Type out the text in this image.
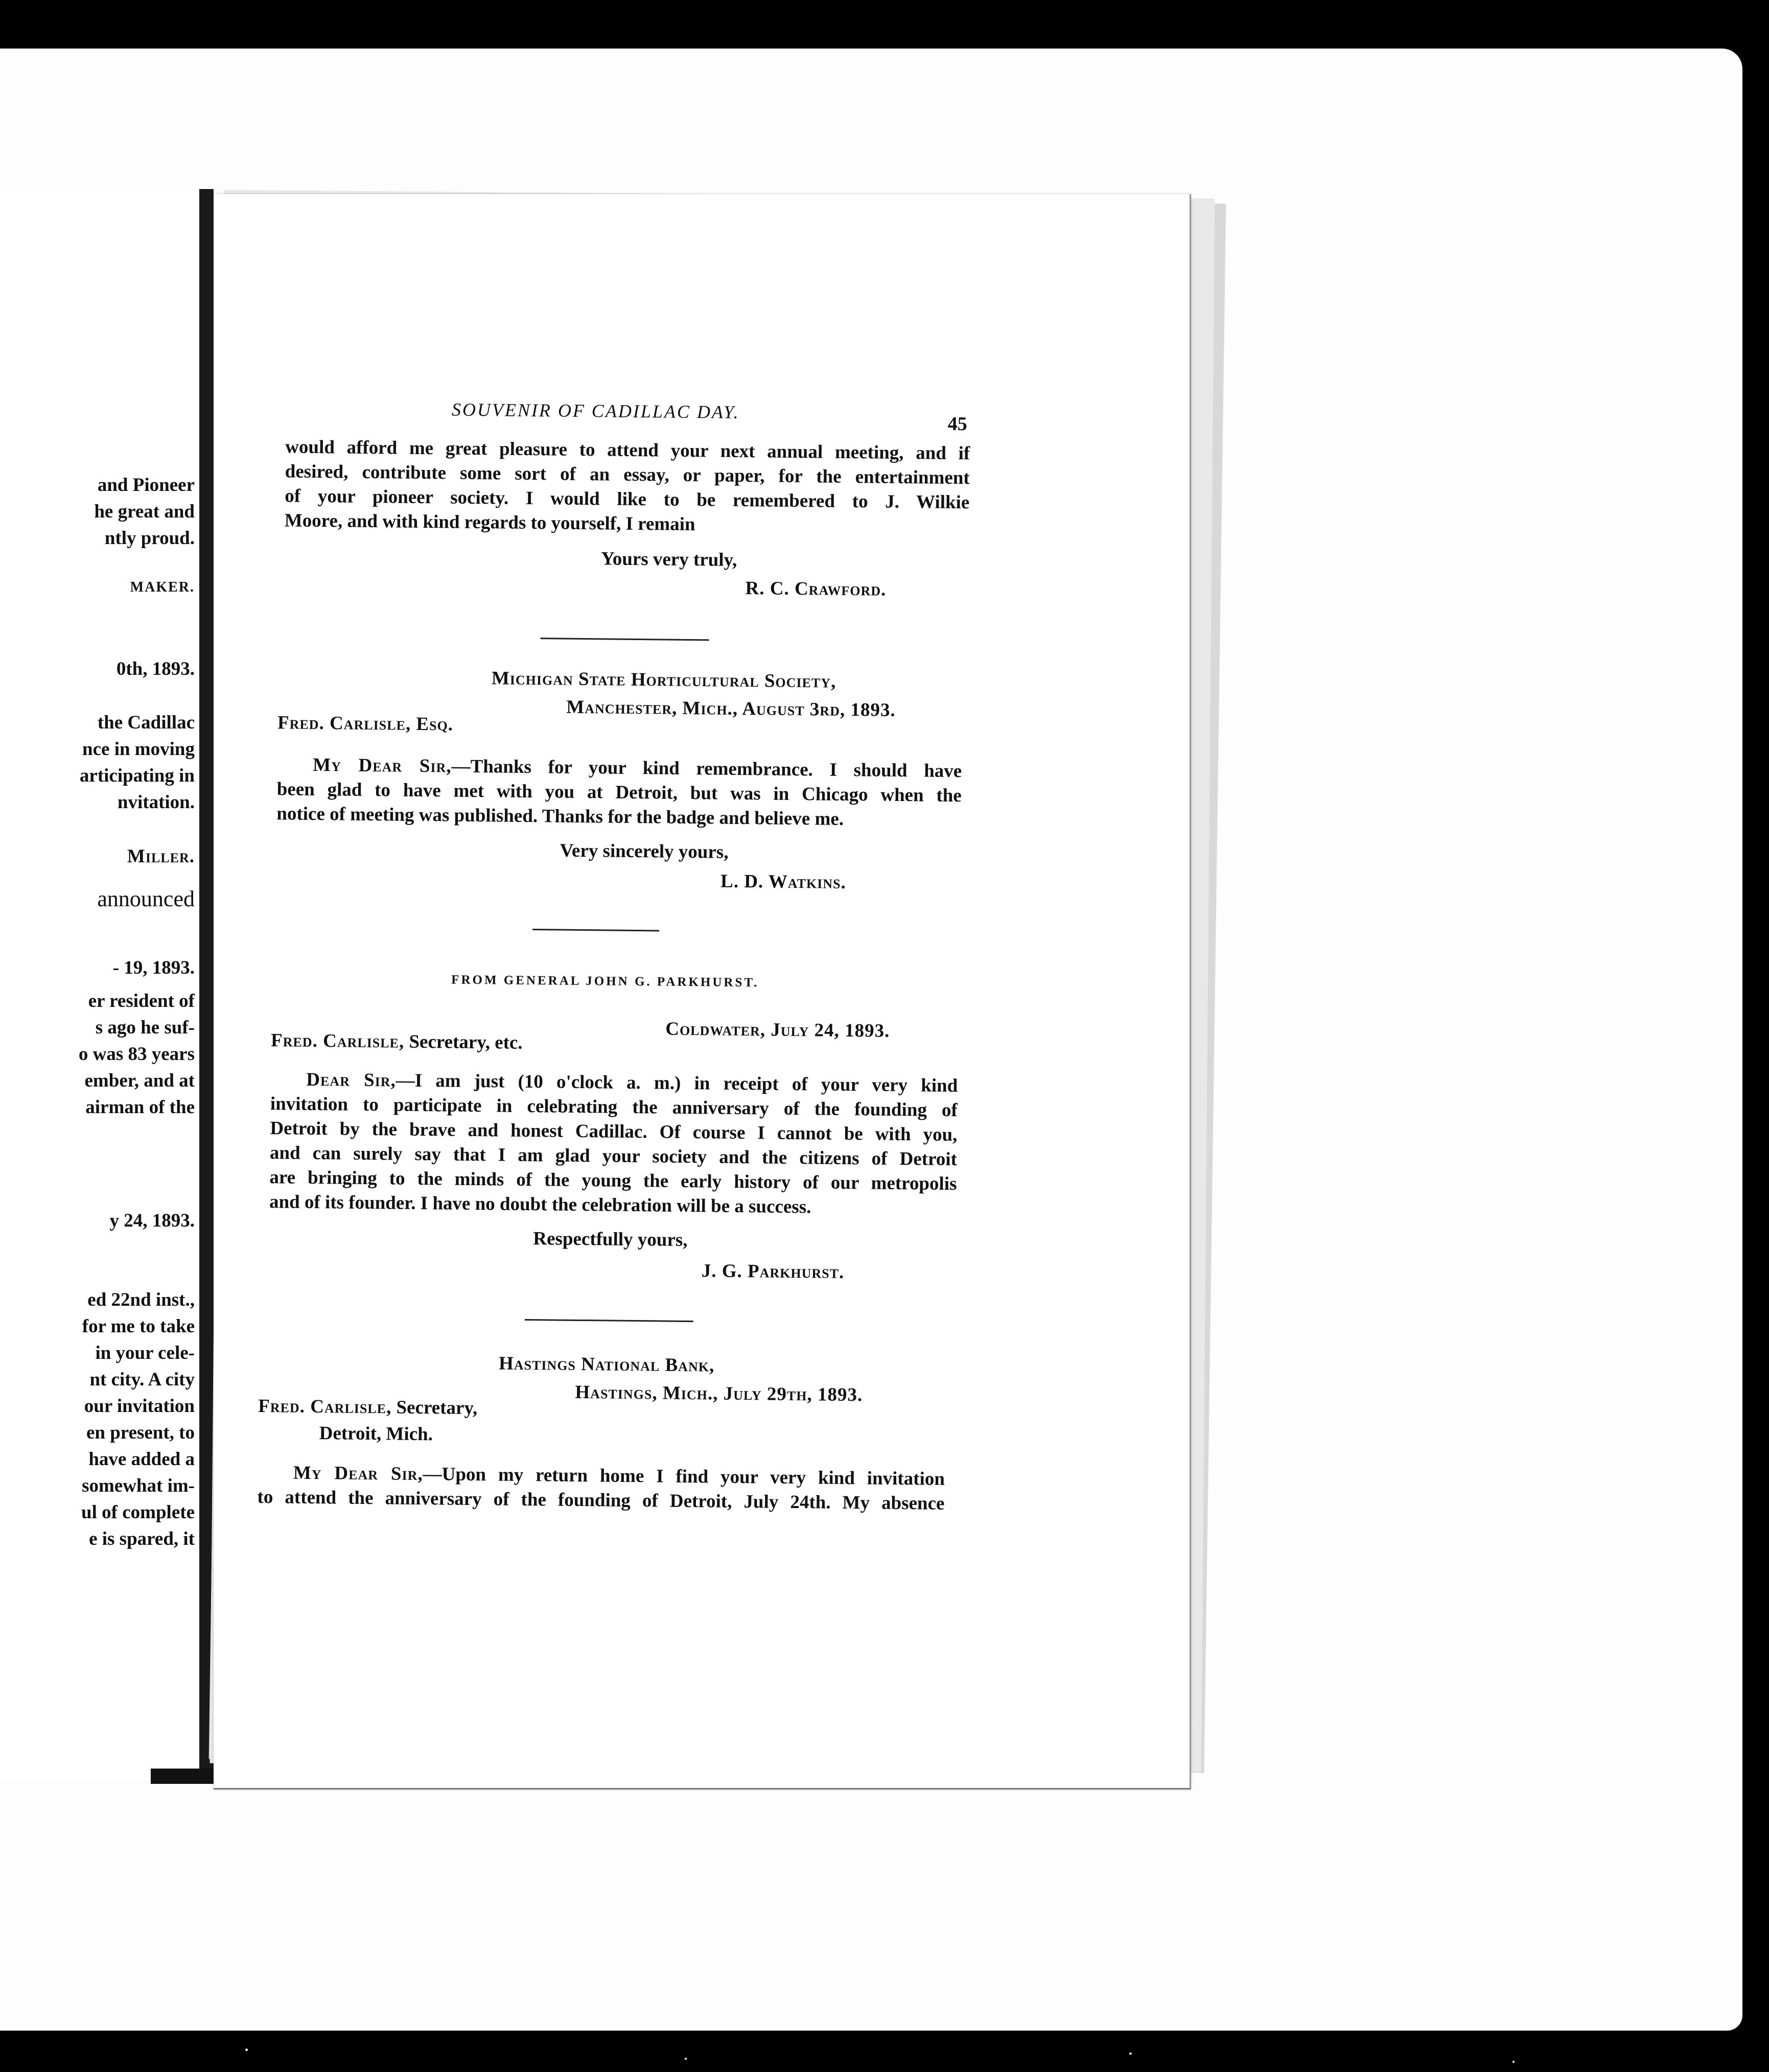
and Pioneer
he great and
ntly proud.
MAKER.
0th, 1893.
the Cadillac
nce in moving
articipating in
nvitation.
Miller.
announced
- 19, 1893.
er resident of
s ago he suf-
o was 83 years
ember, and at
airman of the
y 24, 1893.
ed 22nd inst.,
for me to take
in your cele-
nt city. A city
our invitation
en present, to
have added a
somewhat im-
ul of complete
e is spared, it
SOUVENIR OF CADILLAC DAY.
45
would afford me great pleasure to attend your next annual meeting, and if
desired, contribute some sort of an essay, or paper, for the entertainment
of your pioneer society. I would like to be remembered to J. Wilkie
Moore, and with kind regards to yourself, I remain
Yours very truly,
R. C. Crawford.
Michigan State Horticultural Society,
Manchester, Mich., August 3rd, 1893.
Fred. Carlisle, Esq.
My Dear Sir,—Thanks for your kind remembrance. I should have
been glad to have met with you at Detroit, but was in Chicago when the
notice of meeting was published. Thanks for the badge and believe me.
Very sincerely yours,
L. D. Watkins.
FROM GENERAL JOHN G. PARKHURST.
Coldwater, July 24, 1893.
Fred. Carlisle, Secretary, etc.
Dear Sir,—I am just (10 o'clock a. m.) in receipt of your very kind
invitation to participate in celebrating the anniversary of the founding of
Detroit by the brave and honest Cadillac. Of course I cannot be with you,
and can surely say that I am glad your society and the citizens of Detroit
are bringing to the minds of the young the early history of our metropolis
and of its founder. I have no doubt the celebration will be a success.
Respectfully yours,
J. G. Parkhurst.
Hastings National Bank,
Hastings, Mich., July 29th, 1893.
Fred. Carlisle, Secretary,
Detroit, Mich.
My Dear Sir,—Upon my return home I find your very kind invitation
to attend the anniversary of the founding of Detroit, July 24th. My absence
